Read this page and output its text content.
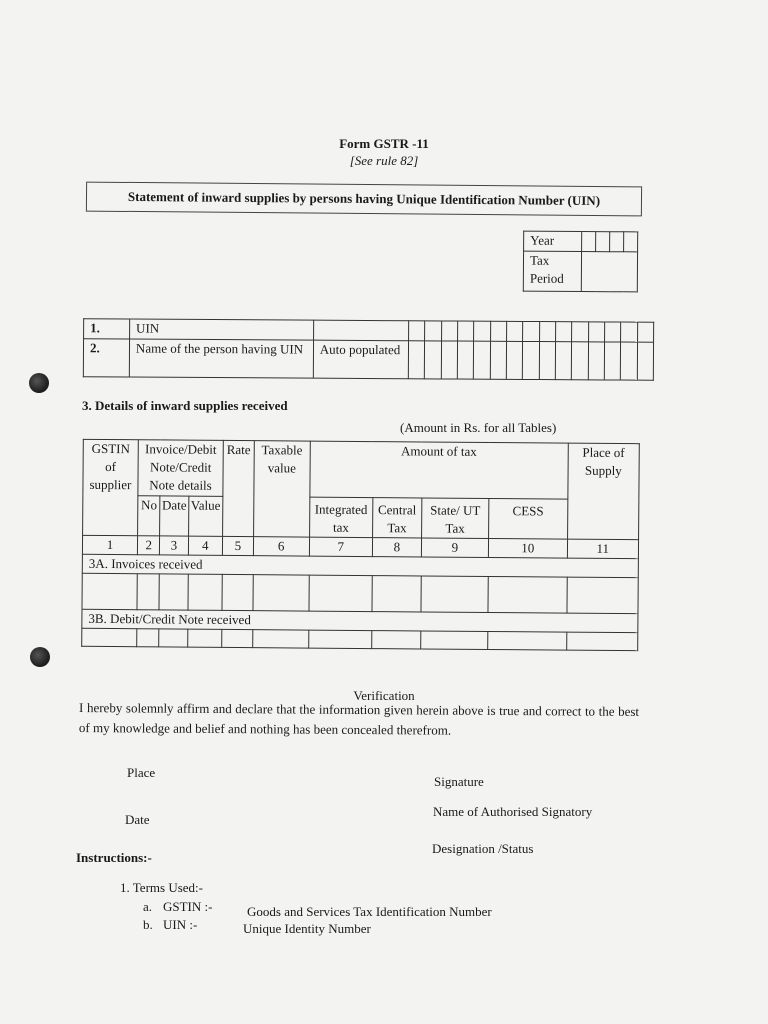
Form GSTR -11
[See rule 82]
Statement of inward supplies by persons having Unique Identification Number (UIN)
Year				
Tax Period				
1.	UIN																
2.	Name of the person having UIN	Auto populated															
3. Details of inward supplies received
(Amount in Rs. for all Tables)
GSTIN of supplier	Invoice/Debit Note/Credit Note details			Rate	Taxable value	Amount of tax				Place of Supply
	No	Date	Value			Integrated tax	Central Tax	State/ UT Tax	CESS	
1	2	3	4	5	6	7	8	9	10	11
3A. Invoices received										

3B. Debit/Credit Note received										

Verification
I hereby solemnly affirm and declare that the information given herein above is true and correct to the best of my knowledge and belief and nothing has been concealed therefrom.
Place
Date
Signature
Name of Authorised Signatory
Designation /Status
Instructions:-
1. Terms Used:-
a. GSTIN :-	Goods and Services Tax Identification Number
b. UIN :-	Unique Identity Number
